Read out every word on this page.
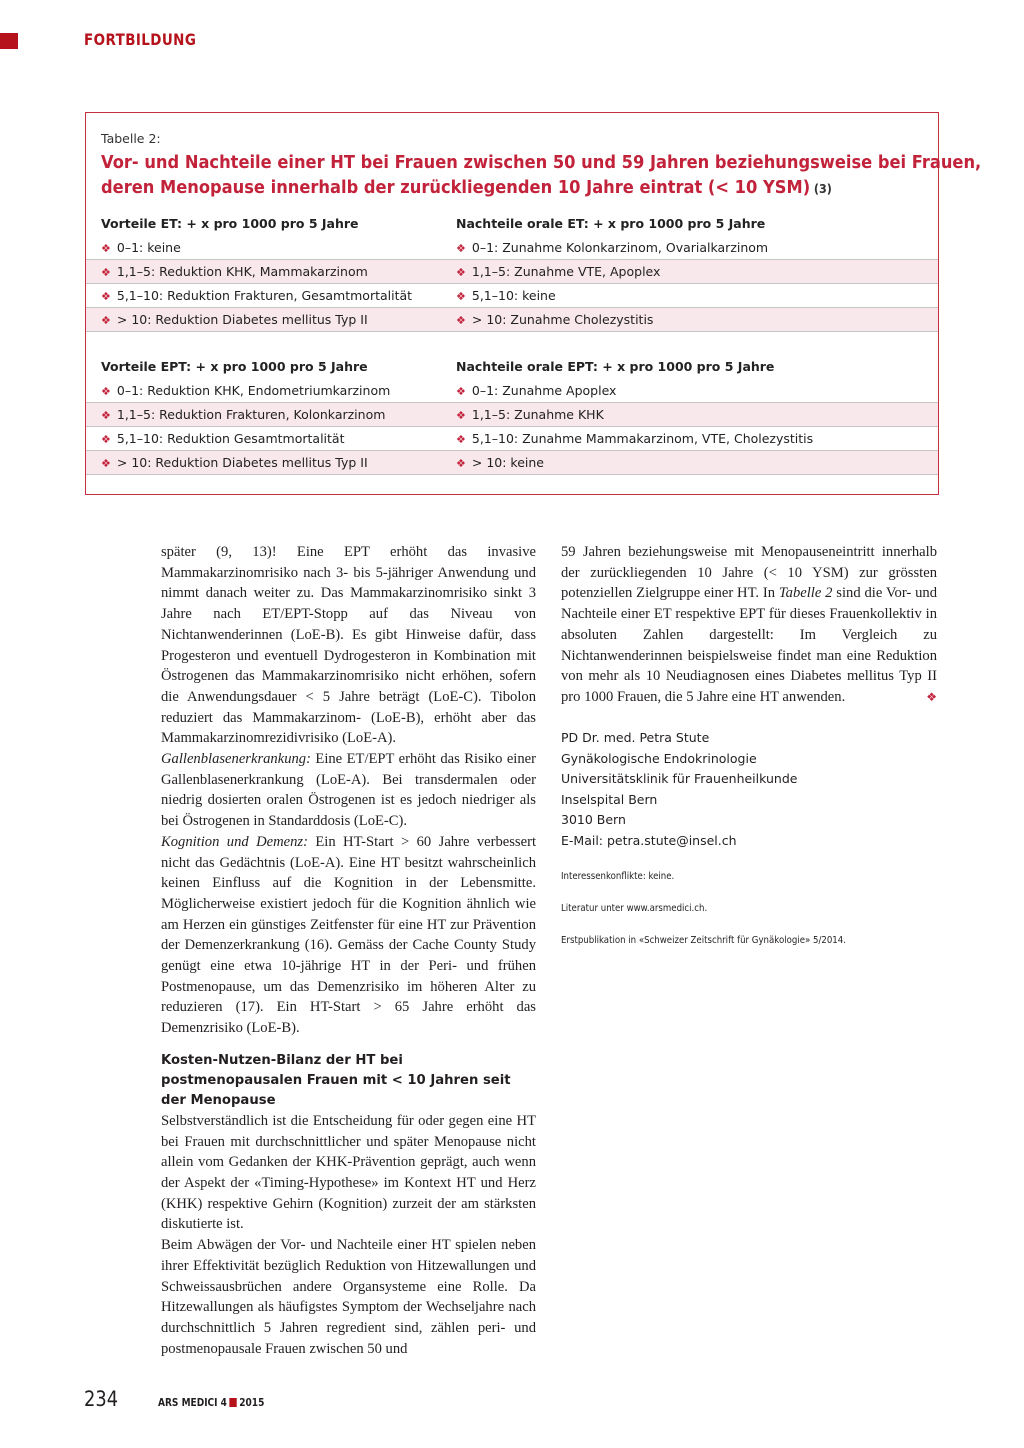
FORTBILDUNG
Tabelle 2:
Vor- und Nachteile einer HT bei Frauen zwischen 50 und 59 Jahren beziehungsweise bei Frauen,
deren Menopause innerhalb der zurückliegenden 10 Jahre eintrat (< 10 YSM) (3)
Vorteile ET: + x pro 1000 pro 5 Jahre	Nachteile orale ET: + x pro 1000 pro 5 Jahre
❖ 0–1: keine	❖ 0–1: Zunahme Kolonkarzinom, Ovarialkarzinom
❖ 1,1–5: Reduktion KHK, Mammakarzinom	❖ 1,1–5: Zunahme VTE, Apoplex
❖ 5,1–10: Reduktion Frakturen, Gesamtmortalität	❖ 5,1–10: keine
❖ > 10: Reduktion Diabetes mellitus Typ II	❖ > 10: Zunahme Cholezystitis
Vorteile EPT: + x pro 1000 pro 5 Jahre	Nachteile orale EPT: + x pro 1000 pro 5 Jahre
❖ 0–1: Reduktion KHK, Endometriumkarzinom	❖ 0–1: Zunahme Apoplex
❖ 1,1–5: Reduktion Frakturen, Kolonkarzinom	❖ 1,1–5: Zunahme KHK
❖ 5,1–10: Reduktion Gesamtmortalität	❖ 5,1–10: Zunahme Mammakarzinom, VTE, Cholezystitis
❖ > 10: Reduktion Diabetes mellitus Typ II	❖ > 10: keine

später (9, 13)! Eine EPT erhöht das invasive Mammakarzinomrisiko nach 3- bis 5-jähriger Anwendung und nimmt danach weiter zu. Das Mammakarzinomrisiko sinkt 3 Jahre nach ET/EPT-Stopp auf das Niveau von Nichtanwenderinnen (LoE-B). Es gibt Hinweise dafür, dass Progesteron und eventuell Dydrogesteron in Kombination mit Östrogenen das Mammakarzinomrisiko nicht erhöhen, sofern die Anwendungsdauer < 5 Jahre beträgt (LoE-C). Tibolon reduziert das Mammakarzinom- (LoE-B), erhöht aber das Mammakarzinomrezidivrisiko (LoE-A).

Gallenblasenerkrankung: Eine ET/EPT erhöht das Risiko einer Gallenblasenerkrankung (LoE-A). Bei transdermalen oder niedrig dosierten oralen Östrogenen ist es jedoch niedriger als bei Östrogenen in Standarddosis (LoE-C).

Kognition und Demenz: Ein HT-Start > 60 Jahre verbessert nicht das Gedächtnis (LoE-A). Eine HT besitzt wahrscheinlich keinen Einfluss auf die Kognition in der Lebensmitte. Möglicherweise existiert jedoch für die Kognition ähnlich wie am Herzen ein günstiges Zeitfenster für eine HT zur Prävention der Demenzerkrankung (16). Gemäss der Cache County Study genügt eine etwa 10-jährige HT in der Peri- und frühen Postmenopause, um das Demenzrisiko im höheren Alter zu reduzieren (17). Ein HT-Start > 65 Jahre erhöht das Demenzrisiko (LoE-B).

Kosten-Nutzen-Bilanz der HT bei postmenopausalen Frauen mit < 10 Jahren seit der Menopause

Selbstverständlich ist die Entscheidung für oder gegen eine HT bei Frauen mit durchschnittlicher und später Menopause nicht allein vom Gedanken der KHK-Prävention geprägt, auch wenn der Aspekt der «Timing-Hypothese» im Kontext HT und Herz (KHK) respektive Gehirn (Kognition) zurzeit der am stärksten diskutierte ist.

Beim Abwägen der Vor- und Nachteile einer HT spielen neben ihrer Effektivität bezüglich Reduktion von Hitzewallungen und Schweissausbrüchen andere Organsysteme eine Rolle. Da Hitzewallungen als häufigstes Symptom der Wechseljahre nach durchschnittlich 5 Jahren regredient sind, zählen peri- und postmenopausale Frauen zwischen 50 und

59 Jahren beziehungsweise mit Menopauseneintritt innerhalb der zurückliegenden 10 Jahre (< 10 YSM) zur grössten potenziellen Zielgruppe einer HT. In Tabelle 2 sind die Vor- und Nachteile einer ET respektive EPT für dieses Frauenkollektiv in absoluten Zahlen dargestellt: Im Vergleich zu Nichtanwenderinnen beispielsweise findet man eine Reduktion von mehr als 10 Neudiagnosen eines Diabetes mellitus Typ II pro 1000 Frauen, die 5 Jahre eine HT anwenden.	❖

PD Dr. med. Petra Stute
Gynäkologische Endokrinologie
Universitätsklinik für Frauenheilkunde
Inselspital Bern
3010 Bern
E-Mail: petra.stute@insel.ch
Interessenkonflikte: keine.
Literatur unter www.arsmedici.ch.
Erstpublikation in «Schweizer Zeitschrift für Gynäkologie» 5/2014.
234	ARS MEDICI 4 2015
